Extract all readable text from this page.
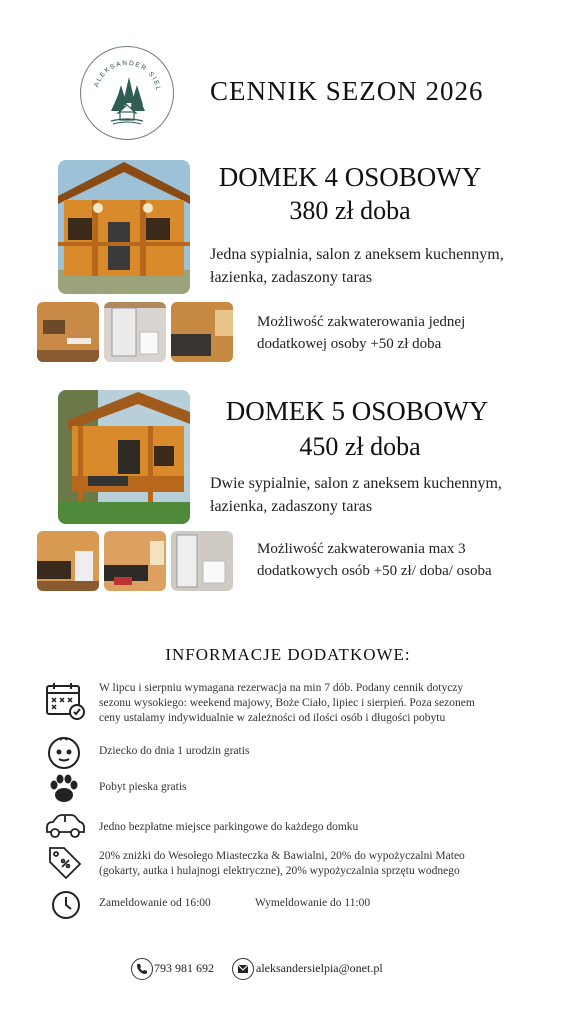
ALEKSANDER SIEL CENNIK SEZON 2026
DOMEK 4 OSOBOWY
380 zł doba
Jedna sypialnia, salon z aneksem kuchennym,
łazienka, zadaszony taras
Możliwość zakwaterowania jednej
dodatkowej osoby +50 zł doba
DOMEK 5 OSOBOWY
450 zł doba
Dwie sypialnie, salon z aneksem kuchennym,
łazienka, zadaszony taras
Możliwość zakwaterowania max 3
dodatkowych osób +50 zł/ doba/ osoba
INFORMACJE DODATKOWE:
W lipcu i sierpniu wymagana rezerwacja na min 7 dób. Podany cennik dotyczy
sezonu wysokiego: weekend majowy, Boże Ciało, lipiec i sierpień. Poza sezonem
ceny ustalamy indywidualnie w zależności od ilości osób i długości pobytu
Dziecko do dnia 1 urodzin gratis
Pobyt pieska gratis
Jedno bezpłatne miejsce parkingowe do każdego domku
20% zniżki do Wesołego Miasteczka & Bawialni, 20% do wypożyczalni Mateo
(gokarty, autka i hulajnogi elektryczne), 20% wypożyczalnia sprzętu wodnego
Zameldowanie od 16:00	Wymeldowanie do 11:00
793 981 692	aleksandersielpia@onet.pl
